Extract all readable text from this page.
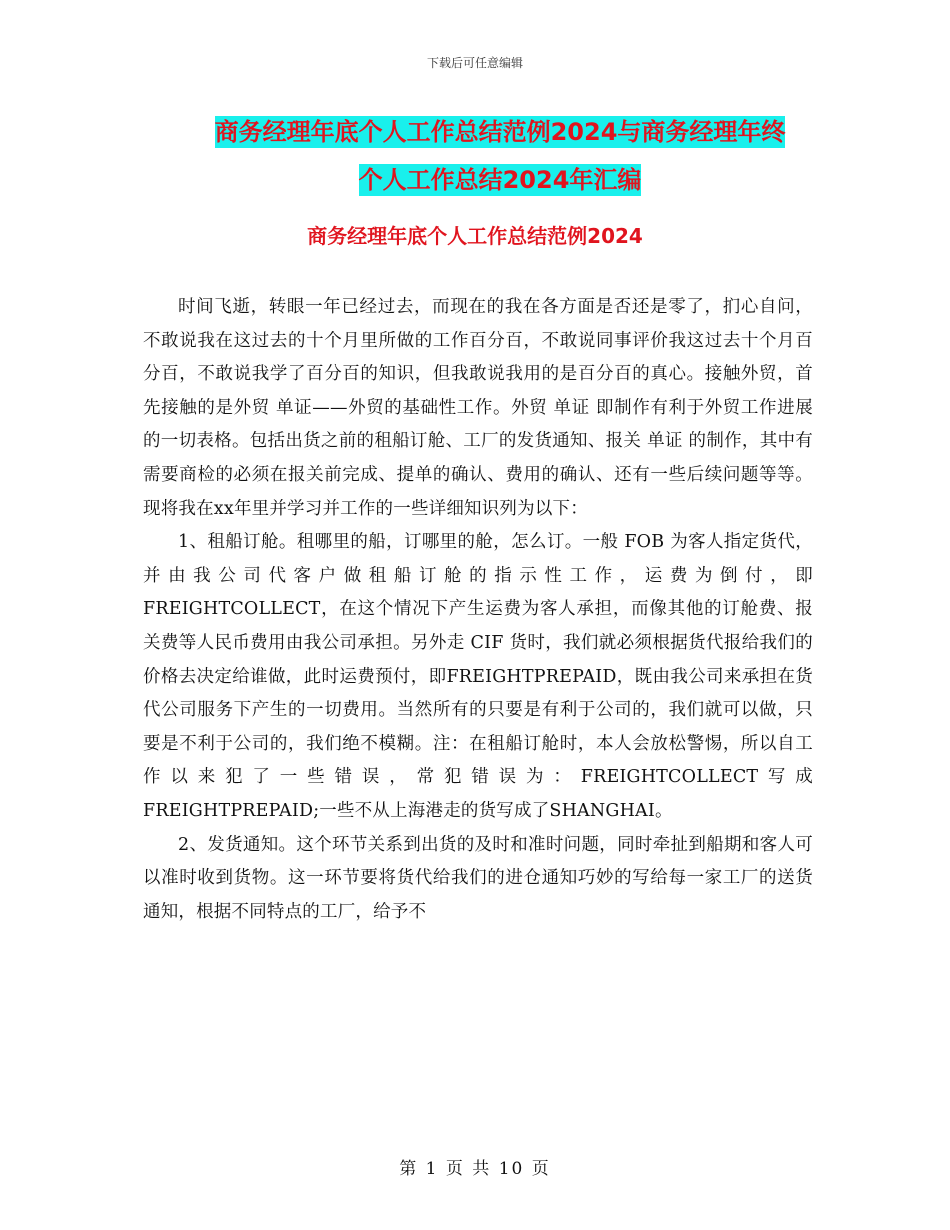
下载后可任意编辑
商务经理年底个人工作总结范例2024与商务经理年终
个人工作总结2024年汇编
商务经理年底个人工作总结范例2024

时间飞逝，转眼一年已经过去，而现在的我在各方面是否还是零了，扪心自问，不敢说我在这过去的十个月里所做的工作百分百，不敢说同事评价我这过去十个月百分百，不敢说我学了百分百的知识，但我敢说我用的是百分百的真心。接触外贸，首先接触的是外贸 单证——外贸的基础性工作。外贸 单证 即制作有利于外贸工作进展的一切表格。包括出货之前的租船订舱、工厂的发货通知、报关 单证 的制作，其中有需要商检的必须在报关前完成、提单的确认、费用的确认、还有一些后续问题等等。现将我在xx年里并学习并工作的一些详细知识列为以下：

1、租船订舱。租哪里的船，订哪里的舱，怎么订。一般 FOB 为客人指定货代，并由我公司代客户做租船订舱的指示性工作，运费为倒付，即FREIGHTCOLLECT，在这个情况下产生运费为客人承担，而像其他的订舱费、报关费等人民币费用由我公司承担。另外走 CIF 货时，我们就必须根据货代报给我们的价格去决定给谁做，此时运费预付，即FREIGHTPREPAID，既由我公司来承担在货代公司服务下产生的一切费用。当然所有的只要是有利于公司的，我们就可以做，只要是不利于公司的，我们绝不模糊。注：在租船订舱时，本人会放松警惕，所以自工作以来犯了一些错误，常犯错误为：FREIGHTCOLLECT写成FREIGHTPREPAID;一些不从上海港走的货写成了SHANGHAI。

2、发货通知。这个环节关系到出货的及时和准时问题，同时牵扯到船期和客人可以准时收到货物。这一环节要将货代给我们的进仓通知巧妙的写给每一家工厂的送货通知，根据不同特点的工厂，给予不

第 1 页 共 10 页
